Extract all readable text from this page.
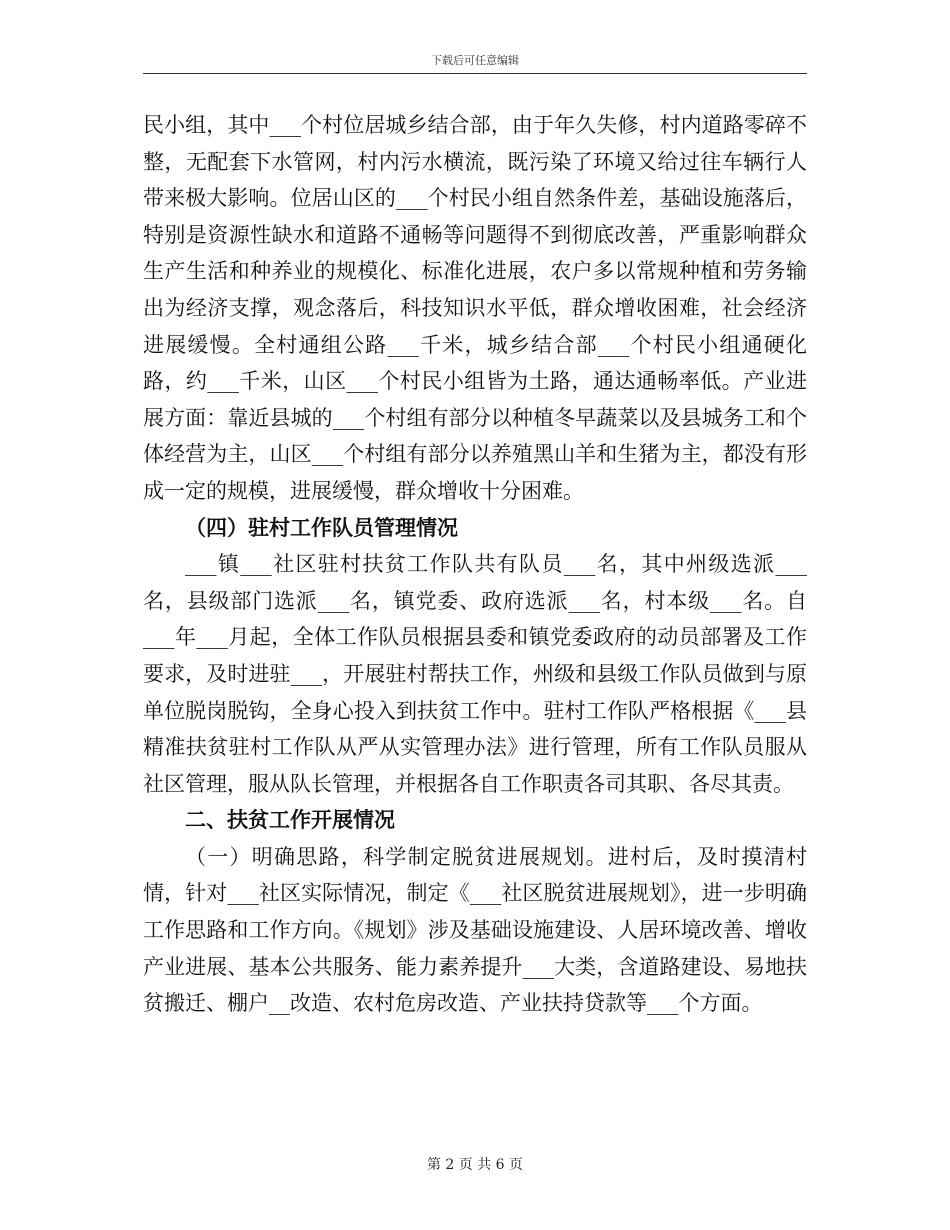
下载后可任意编辑

民小组，其中___个村位居城乡结合部，由于年久失修，村内道路零碎不整，无配套下水管网，村内污水横流，既污染了环境又给过往车辆行人带来极大影响。位居山区的___个村民小组自然条件差，基础设施落后，特别是资源性缺水和道路不通畅等问题得不到彻底改善，严重影响群众生产生活和种养业的规模化、标准化进展，农户多以常规种植和劳务输出为经济支撑，观念落后，科技知识水平低，群众增收困难，社会经济进展缓慢。全村通组公路___千米，城乡结合部___个村民小组通硬化路，约___千米，山区___个村民小组皆为土路，通达通畅率低。产业进展方面：靠近县城的___个村组有部分以种植冬早蔬菜以及县城务工和个体经营为主，山区___个村组有部分以养殖黑山羊和生猪为主，都没有形成一定的规模，进展缓慢，群众增收十分困难。

（四）驻村工作队员管理情况

___镇___社区驻村扶贫工作队共有队员___名，其中州级选派___名，县级部门选派___名，镇党委、政府选派___名，村本级___名。自___年___月起，全体工作队员根据县委和镇党委政府的动员部署及工作要求，及时进驻___，开展驻村帮扶工作，州级和县级工作队员做到与原单位脱岗脱钩，全身心投入到扶贫工作中。驻村工作队严格根据《___县精准扶贫驻村工作队从严从实管理办法》进行管理，所有工作队员服从社区管理，服从队长管理，并根据各自工作职责各司其职、各尽其责。

二、扶贫工作开展情况

（一）明确思路，科学制定脱贫进展规划。进村后，及时摸清村情，针对___社区实际情况，制定《___社区脱贫进展规划》，进一步明确工作思路和工作方向。《规划》涉及基础设施建设、人居环境改善、增收产业进展、基本公共服务、能力素养提升___大类，含道路建设、易地扶贫搬迁、棚户__改造、农村危房改造、产业扶持贷款等___个方面。

第 2 页 共 6 页
